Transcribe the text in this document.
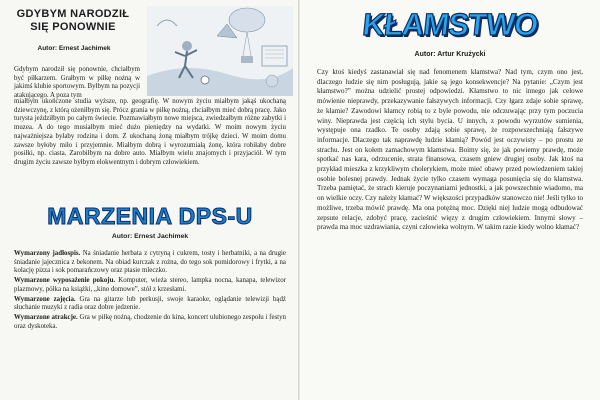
GDYBYM NARODZIŁ
SIĘ PONOWNIE
Autor: Ernest Jachimek

Gdybym narodził się ponownie, chciałbym być piłkarzem. Grałbym w piłkę nożną w jakimś klubie sportowym. Byłbym na pozycji atakującego. A poza tym

miałbym ukończone studia wyższe, np. geografię. W nowym życiu miałbym jakąś ukochaną dziewczynę, z którą ożeniłbym się. Prócz grania w piłkę nożną, chciałbym mieć dobrą pracę. Jako turysta jeździłbym po całym świecie. Pozmawiałbym nowe miejsca, zwiedzałbym różne zabytki i muzea. A do tego musiałbym mieć dużo pieniędzy na wydatki. W moim nowym życiu najważniejsza byłaby rodzina i dom. Z ukochaną żoną miałbym trójkę dzieci. W moim domu zawsze byłoby miło i przyjemnie. Miałbym dobrą i wyrozumiałą żonę, która robiłaby dobre posiłki, np. ciasta. Zarobiłbym na dobre auto. Miałbym wielu znajomych i przyjaciół. W tym drugim życiu zawsze byłbym elokwentnym i dobrym człowiekiem.

MARZENIA DPS-U
Autor: Ernest Jachimek

Wymarzony jadłospis. Na śniadanie herbata z cytryną i cukrem, tosty i herbatniki, a na drugie śniadanie jajecznica z bekonem. Na obiad kurczak z rożna, do tego sok pomidorowy i frytki, a na kolację pizza i sok pomarańczowy oraz ptasie mleczko.

Wymarzone wyposażenie pokoju. Komputer, wieża stereo, lampka nocna, kanapa, telewizor plazmowy, półka na książki, „kino domowe”, stół z krzesłami.

Wymarzone zajęcia. Gra na gitarze lub perkusji, swoje karaoke, oglądanie telewizji bądź słuchanie muzyki z radia oraz dobre jedzenie.

Wymarzone atrakcje. Gra w piłkę nożną, chodzenie do kina, koncert ulubionego zespołu i festyn oraz dyskoteka.

KŁAMSTWO
Autor: Artur Krużycki

Czy ktoś kiedyś zastanawiał się nad fenomenem kłamstwa? Nad tym, czym ono jest, dlaczego ludzie się nim posługują, jakie są jego konsekwencje? Na pytanie: „Czym jest kłamstwo?” można udzielić prostej odpowiedzi. Kłamstwo to nic innego jak celowe mówienie nieprawdy, przekazywanie fałszywych informacji. Czy łgarz zdaje sobie sprawę, że kłamie? Zawodowi kłamcy robią to z byle powodu, nie odczuwając przy tym poczucia winy. Nieprawda jest częścią ich stylu bycia. U innych, z powodu wyrzutów sumienia, występuje ona rzadko. Te osoby zdają sobie sprawę, że rozpowszechniają fałszywe informacje. Dlaczego tak naprawdę ludzie kłamią? Powód jest oczywisty – po prostu ze strachu. Jest on kołem zamachowym kłamstwa. Boimy się, że jak powiemy prawdę, może spotkać nas kara, odrzucenie, strata finansowa, czasem gniew drugiej osoby. Jak ktoś na przykład mieszka z krzykliwym cholerykiem, może mieć obawy przed powiedzeniem takiej osobie bolesnej prawdy. Jednak życie tylko czasem wymaga posunięcia się do kłamstwa. Trzeba pamiętać, że strach kieruje poczynaniami jednostki, a jak powszechnie wiadomo, ma on wielkie oczy. Czy należy kłamać? W większości przypadków stanowczo nie! Jeśli tylko to możliwe, trzeba mówić prawdę. Ma ona potężną moc. Dzięki niej ludzie mogą odbudować zepsute relacje, zdobyć pracę, zacieśnić więzy z drugim człowiekiem. Innymi słowy – prawda ma moc uzdrawiania, czyni człowieka wolnym. W takim razie kiedy wolno kłamać?
